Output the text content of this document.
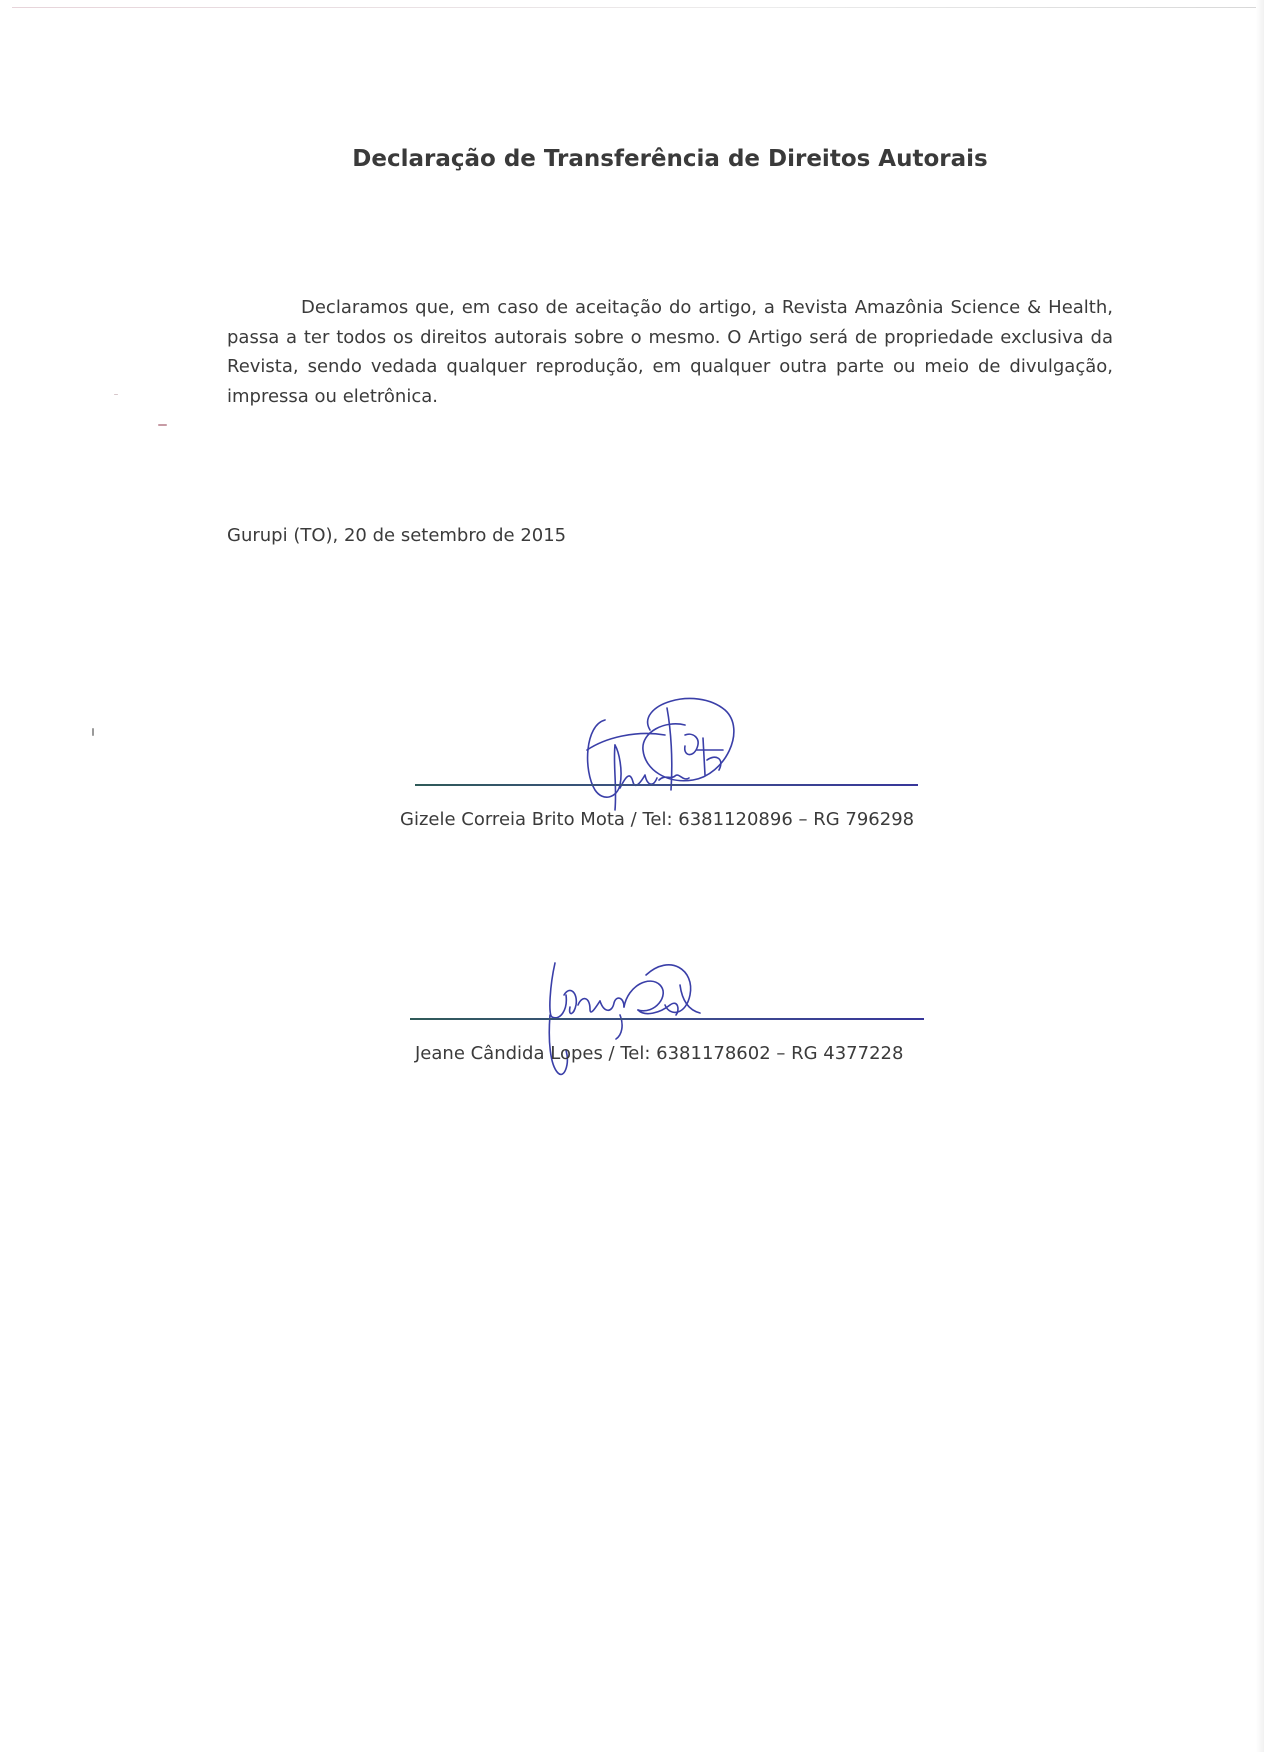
Declaração de Transferência de Direitos Autorais
Declaramos que, em caso de aceitação do artigo, a Revista Amazônia Science & Health, passa a ter todos os direitos autorais sobre o mesmo. O Artigo será de propriedade exclusiva da Revista, sendo vedada qualquer reprodução, em qualquer outra parte ou meio de divulgação, impressa ou eletrônica.
Gurupi (TO), 20 de setembro de 2015
Gizele Correia Brito Mota / Tel: 6381120896 – RG 796298
Jeane Cândida Lopes / Tel: 6381178602 – RG 4377228
